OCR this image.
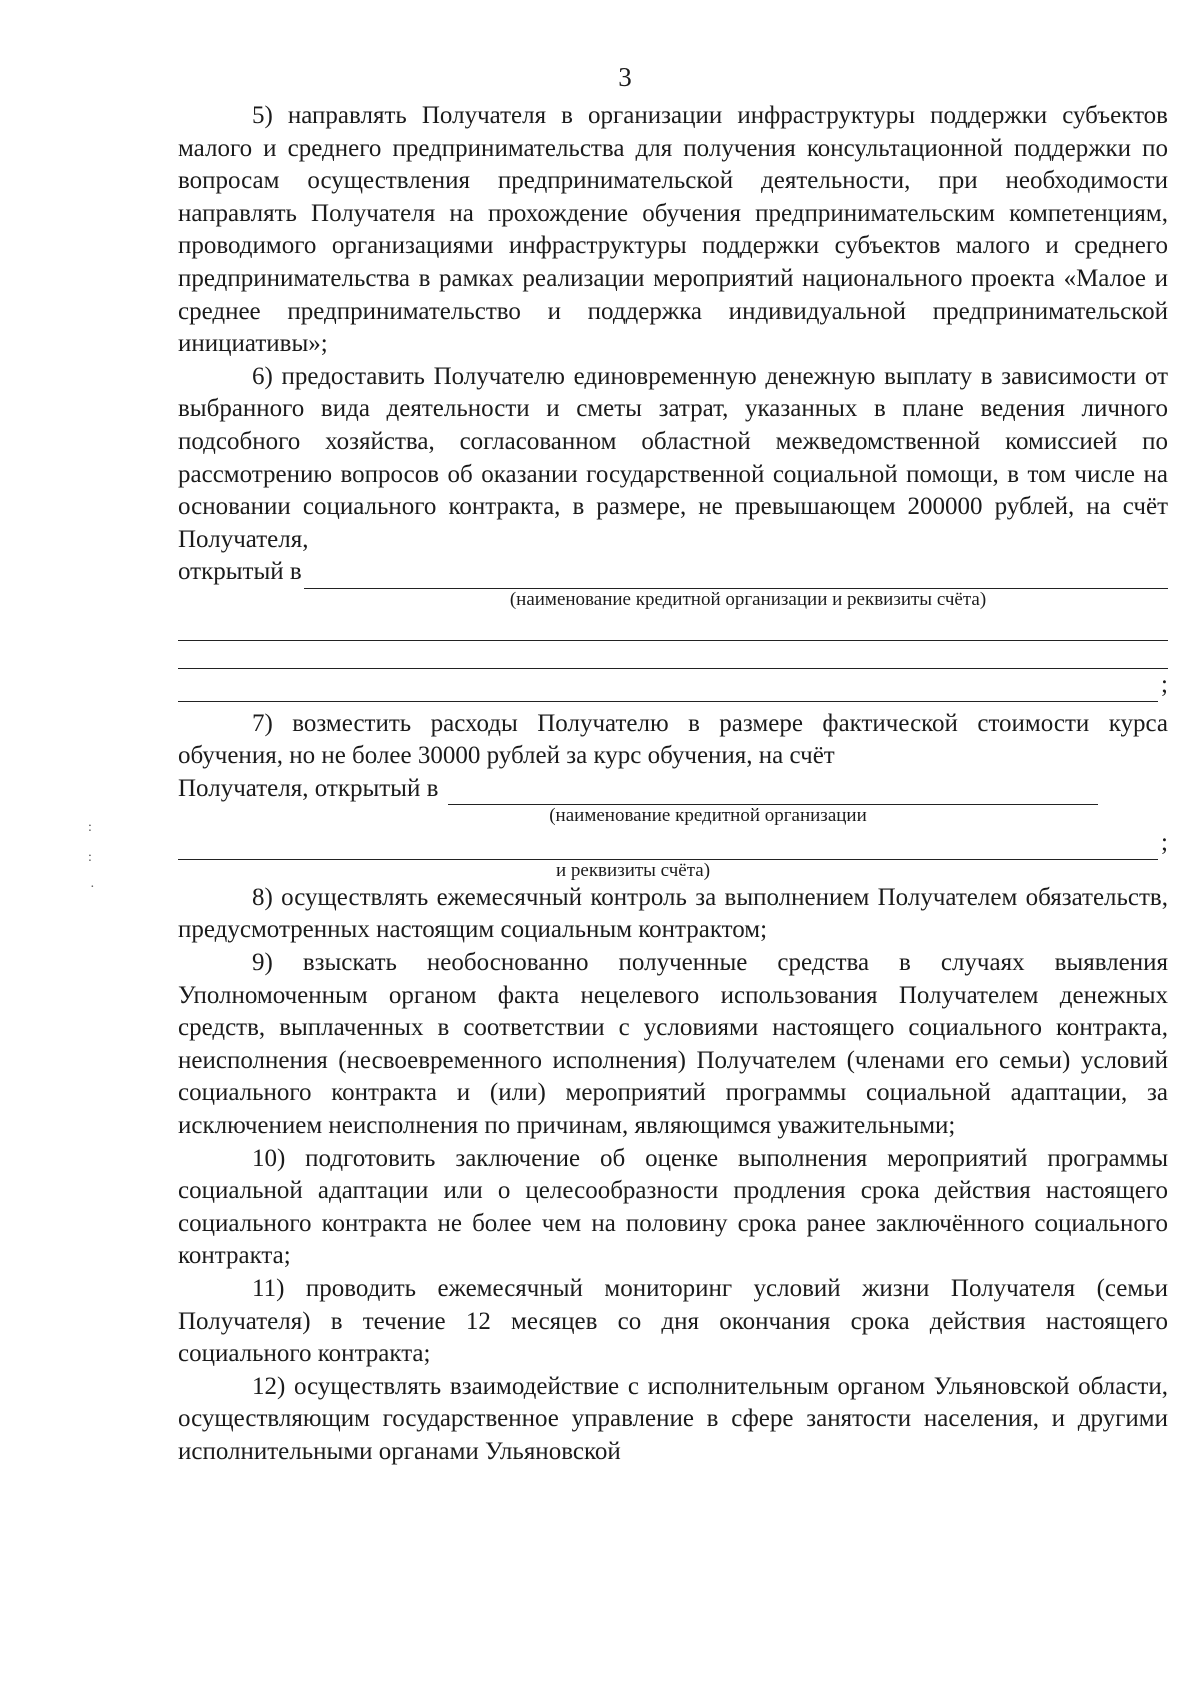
3
:
:
·

5) направлять Получателя в организации инфраструктуры поддержки субъектов малого и среднего предпринимательства для получения консультационной поддержки по вопросам осуществления предпринимательской деятельности, при необходимости направлять Получателя на прохождение обучения предпринимательским компетенциям, проводимого организациями инфраструктуры поддержки субъектов малого и среднего предпринимательства в рамках реализации мероприятий национального проекта «Малое и среднее предпринимательство и поддержка индивидуальной предпринимательской инициативы»;

6) предоставить Получателю единовременную денежную выплату в зависимости от выбранного вида деятельности и сметы затрат, указанных в плане ведения личного подсобного хозяйства, согласованном областной межведомственной комиссией по рассмотрению вопросов об оказании государственной социальной помощи, в том числе на основании социального контракта, в размере, не превышающем 200000 рублей, на счёт Получателя,

открытый в
(наименование кредитной организации и реквизиты счёта)
;

7) возместить расходы Получателю в размере фактической стоимости курса обучения, но не более 30000 рублей за курс обучения, на счёт

Получателя, открытый в
(наименование кредитной организации
;
и реквизиты счёта)

8) осуществлять ежемесячный контроль за выполнением Получателем обязательств, предусмотренных настоящим социальным контрактом;

9) взыскать необоснованно полученные средства в случаях выявления Уполномоченным органом факта нецелевого использования Получателем денежных средств, выплаченных в соответствии с условиями настоящего социального контракта, неисполнения (несвоевременного исполнения) Получателем (членами его семьи) условий социального контракта и (или) мероприятий программы социальной адаптации, за исключением неисполнения по причинам, являющимся уважительными;

10) подготовить заключение об оценке выполнения мероприятий программы социальной адаптации или о целесообразности продления срока действия настоящего социального контракта не более чем на половину срока ранее заключённого социального контракта;

11) проводить ежемесячный мониторинг условий жизни Получателя (семьи Получателя) в течение 12 месяцев со дня окончания срока действия настоящего социального контракта;

12) осуществлять взаимодействие с исполнительным органом Ульяновской области, осуществляющим государственное управление в сфере занятости населения, и другими исполнительными органами Ульяновской
